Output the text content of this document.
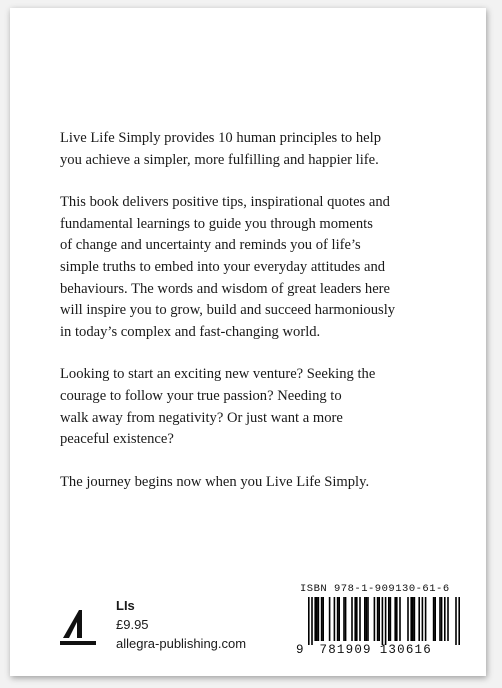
Live Life Simply provides 10 human principles to help
you achieve a simpler, more fulfilling and happier life.

This book delivers positive tips, inspirational quotes and
fundamental learnings to guide you through moments
of change and uncertainty and reminds you of life’s
simple truths to embed into your everyday attitudes and
behaviours. The words and wisdom of great leaders here
will inspire you to grow, build and succeed harmoniously
in today’s complex and fast-changing world.

Looking to start an exciting new venture? Seeking the
courage to follow your true passion? Needing to
walk away from negativity? Or just want a more
peaceful existence?

The journey begins now when you Live Life Simply.

LIs
£9.95
allegra-publishing.com
ISBN 978-1-909130-61-6
9 781909 130616
